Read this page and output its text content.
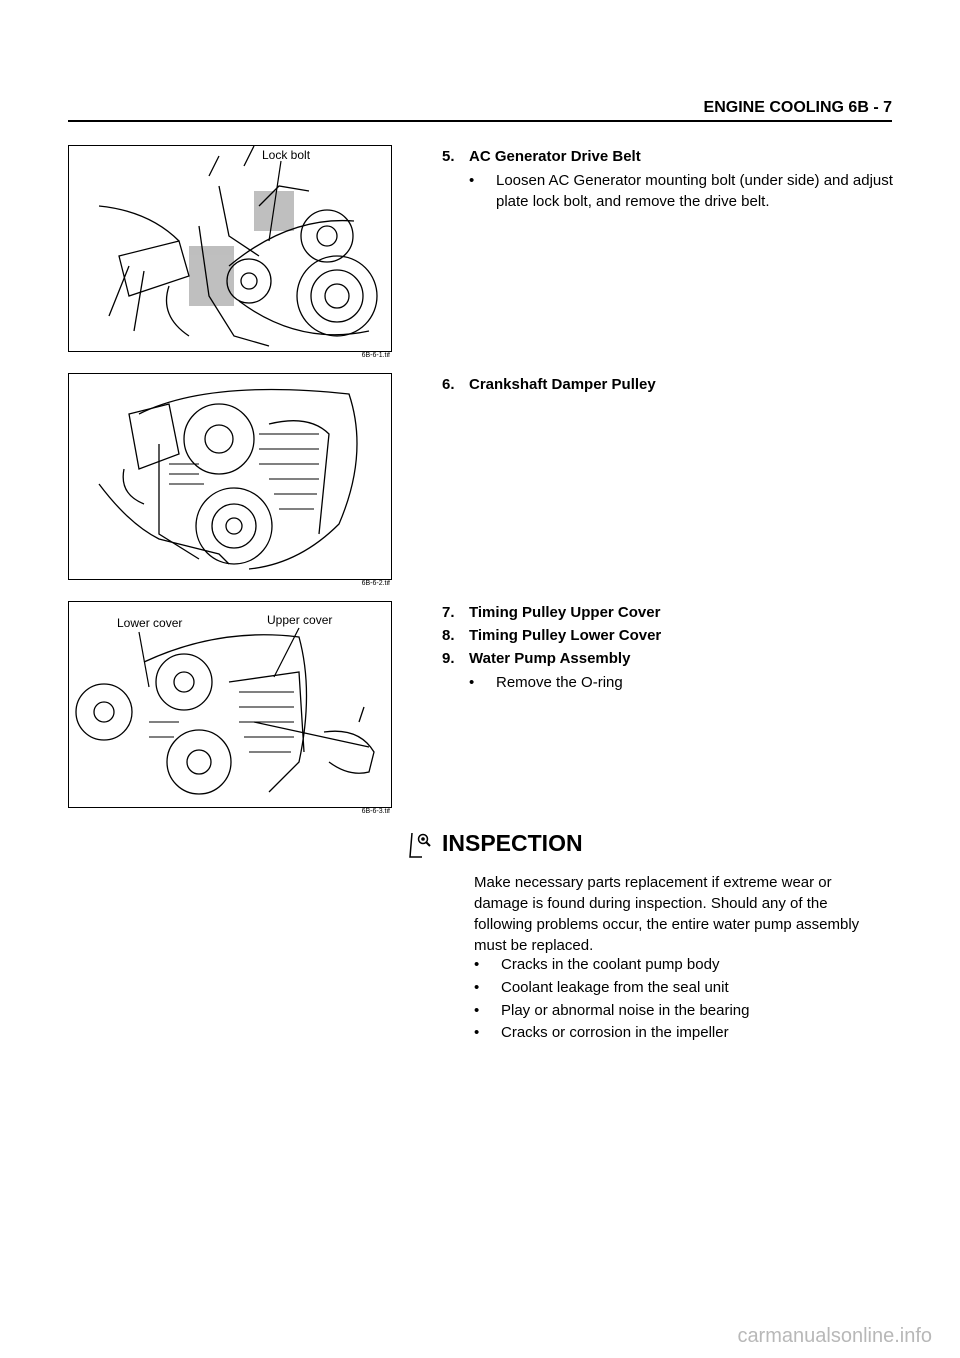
ENGINE COOLING 6B - 7
Lock bolt
6B-6-1.tif
6B-6-2.tif
Lower cover	Upper cover
6B-6-3.tif
5. AC Generator Drive Belt
•	Loosen AC Generator mounting bolt (under side) and adjust plate lock bolt, and remove the drive belt.
6. Crankshaft Damper Pulley
7. Timing Pulley Upper Cover
8. Timing Pulley Lower Cover
9. Water Pump Assembly
•	Remove the O-ring
INSPECTION
Make necessary parts replacement if extreme wear or damage is found during inspection. Should any of the following problems occur, the entire water pump assembly must be replaced.
•	Cracks in the coolant pump body
•	Coolant leakage from the seal unit
•	Play or abnormal noise in the bearing
•	Cracks or corrosion in the impeller
carmanualsonline.info
